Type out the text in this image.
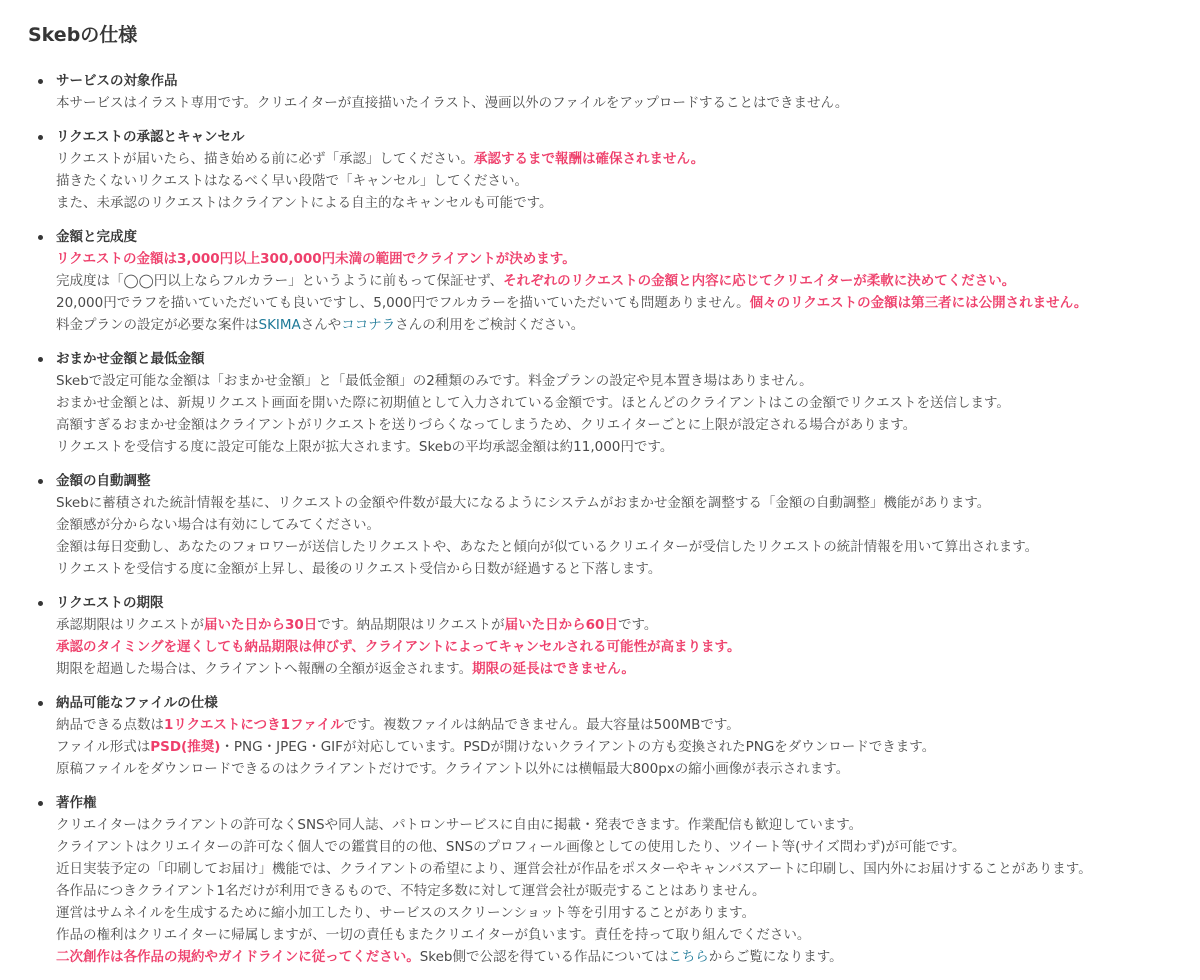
Skebの仕様
サービスの対象作品
本サービスはイラスト専用です。クリエイターが直接描いたイラスト、漫画以外のファイルをアップロードすることはできません。
リクエストの承認とキャンセル
リクエストが届いたら、描き始める前に必ず「承認」してください。承認するまで報酬は確保されません。
描きたくないリクエストはなるべく早い段階で「キャンセル」してください。
また、未承認のリクエストはクライアントによる自主的なキャンセルも可能です。
金額と完成度
リクエストの金額は3,000円以上300,000円未満の範囲でクライアントが決めます。
完成度は「◯◯円以上ならフルカラー」というように前もって保証せず、それぞれのリクエストの金額と内容に応じてクリエイターが柔軟に決めてください。
20,000円でラフを描いていただいても良いですし、5,000円でフルカラーを描いていただいても問題ありません。個々のリクエストの金額は第三者には公開されません。
料金プランの設定が必要な案件はSKIMAさんやココナラさんの利用をご検討ください。
おまかせ金額と最低金額
Skebで設定可能な金額は「おまかせ金額」と「最低金額」の2種類のみです。料金プランの設定や見本置き場はありません。
おまかせ金額とは、新規リクエスト画面を開いた際に初期値として入力されている金額です。ほとんどのクライアントはこの金額でリクエストを送信します。
高額すぎるおまかせ金額はクライアントがリクエストを送りづらくなってしまうため、クリエイターごとに上限が設定される場合があります。
リクエストを受信する度に設定可能な上限が拡大されます。Skebの平均承認金額は約11,000円です。
金額の自動調整
Skebに蓄積された統計情報を基に、リクエストの金額や件数が最大になるようにシステムがおまかせ金額を調整する「金額の自動調整」機能があります。
金額感が分からない場合は有効にしてみてください。
金額は毎日変動し、あなたのフォロワーが送信したリクエストや、あなたと傾向が似ているクリエイターが受信したリクエストの統計情報を用いて算出されます。
リクエストを受信する度に金額が上昇し、最後のリクエスト受信から日数が経過すると下落します。
リクエストの期限
承認期限はリクエストが届いた日から30日です。納品期限はリクエストが届いた日から60日です。
承認のタイミングを遅くしても納品期限は伸びず、クライアントによってキャンセルされる可能性が高まります。
期限を超過した場合は、クライアントへ報酬の全額が返金されます。期限の延長はできません。
納品可能なファイルの仕様
納品できる点数は1リクエストにつき1ファイルです。複数ファイルは納品できません。最大容量は500MBです。
ファイル形式はPSD(推奨)・PNG・JPEG・GIFが対応しています。PSDが開けないクライアントの方も変換されたPNGをダウンロードできます。
原稿ファイルをダウンロードできるのはクライアントだけです。クライアント以外には横幅最大800pxの縮小画像が表示されます。
著作権
クリエイターはクライアントの許可なくSNSや同人誌、パトロンサービスに自由に掲載・発表できます。作業配信も歓迎しています。
クライアントはクリエイターの許可なく個人での鑑賞目的の他、SNSのプロフィール画像としての使用したり、ツイート等(サイズ問わず)が可能です。
近日実装予定の「印刷してお届け」機能では、クライアントの希望により、運営会社が作品をポスターやキャンバスアートに印刷し、国内外にお届けすることがあります。
各作品につきクライアント1名だけが利用できるもので、不特定多数に対して運営会社が販売することはありません。
運営はサムネイルを生成するために縮小加工したり、サービスのスクリーンショット等を引用することがあります。
作品の権利はクリエイターに帰属しますが、一切の責任もまたクリエイターが負います。責任を持って取り組んでください。
二次創作は各作品の規約やガイドラインに従ってください。Skeb側で公認を得ている作品についてはこちらからご覧になります。
